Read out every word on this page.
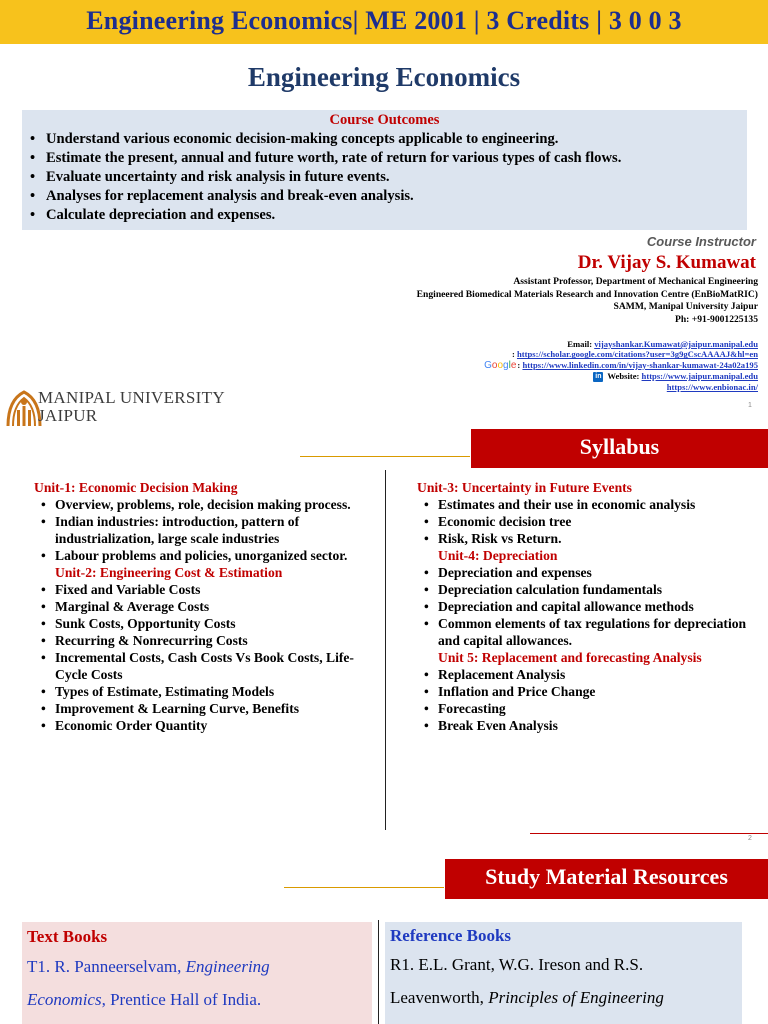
Engineering Economics| ME 2001 | 3 Credits | 3 0 0 3
Engineering Economics
Course Outcomes
• Understand various economic decision-making concepts applicable to engineering.
• Estimate the present, annual and future worth, rate of return for various types of cash flows.
• Evaluate uncertainty and risk analysis in future events.
• Analyses for replacement analysis and break-even analysis.
• Calculate depreciation and expenses.
Course Instructor
Dr. Vijay S. Kumawat
Assistant Professor, Department of Mechanical Engineering
Engineered Biomedical Materials Research and Innovation Centre (EnBioMatRIC)
SAMM, Manipal University Jaipur
Ph: +91-9001225135
Email: vijayshankar.Kumawat@jaipur.manipal.edu
: https://scholar.google.com/citations?user=3g9gCscAAAAJ&hl=en
Google: https://www.linkedin.com/in/vijay-shankar-kumawat-24a02a195
in Website: https://www.jaipur.manipal.edu
https://www.enbionac.in/
1
MANIPAL UNIVERSITY
JAIPUR
Syllabus
Unit-1: Economic Decision Making
• Overview, problems, role, decision making process.
• Indian industries: introduction, pattern of industrialization, large scale industries
• Labour problems and policies, unorganized sector.
Unit-2: Engineering Cost & Estimation
• Fixed and Variable Costs
• Marginal & Average Costs
• Sunk Costs, Opportunity Costs
• Recurring & Nonrecurring Costs
• Incremental Costs, Cash Costs Vs Book Costs, Life- Cycle Costs
• Types of Estimate, Estimating Models
• Improvement & Learning Curve, Benefits
• Economic Order Quantity
Unit-3: Uncertainty in Future Events
• Estimates and their use in economic analysis
• Economic decision tree
• Risk, Risk vs Return.
Unit-4: Depreciation
• Depreciation and expenses
• Depreciation calculation fundamentals
• Depreciation and capital allowance methods
• Common elements of tax regulations for depreciation and capital allowances.
Unit 5: Replacement and forecasting Analysis
• Replacement Analysis
• Inflation and Price Change
• Forecasting
• Break Even Analysis
2
Study Material Resources
Text Books
T1. R. Panneerselvam, Engineering
Economics, Prentice Hall of India.
Reference Books
R1. E.L. Grant, W.G. Ireson and R.S.
Leavenworth, Principles of Engineering
